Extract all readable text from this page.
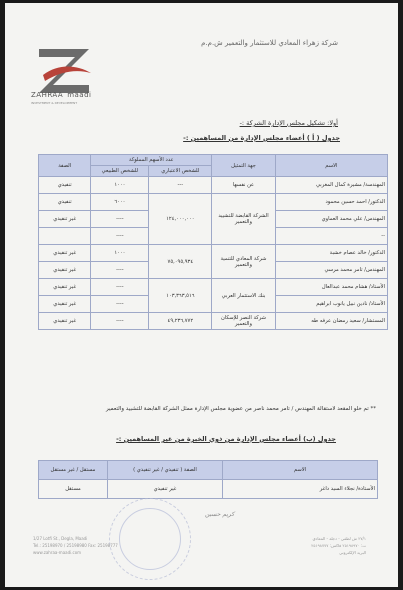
ZAHRAA maadi
INVESTMENT & DEVELOPMENT
شركة زهراء المعادي للاستثمار والتعمير ش.م.م
أولا: تشكيل مجلس الإدارة الشركة :-
جدول ( أ ) أعضاء مجلس الإدارة من المساهمين :-
الاسم	جهة التمثيل	عدد الأسهم المملوكة		الصفة
		للشخص الاعتباري	للشخص الطبيعي	
المهندسة/ مشيرة كمال المغربي	عن نفسها	---	١٠٠٠	تنفيذي
الدكتور/ احمد حسين محمود	الشركة القابضة للتشييد والتعمير	١٢٤,٠٠٠,٠٠٠	٦٠٠٠	تنفيذي
المهندس/ علي محمد العماوي			----	غير تنفيذي
--			----	
الدكتور/ خالد عصام خشبة	شركة المعادي للتنمية والتعمير	٧٥,٠٩٥,٩٣٤	١٠٠٠	غير تنفيذي
المهندس/ تامر محمد مرسي			----	غير تنفيذي
الأستاذ/ هشام محمد عبدالعال	بنك الاستثمار العربي	١٠٣,٣٦٣,٥١٦	----	غير تنفيذي
الأستاذ/ نادين نبيل يانوب ابراهيم			----	غير تنفيذي
المستشار/ سعيد رمضان عرفه طه	شركة النصر للإسكان والتعمير	٤٩,٢٣٦,٧٧٢	----	غير تنفيذي
** تم خلو المقعد لاستقالة المهندس / تامر محمد ناصر من عضوية مجلس الإدارة ممثل الشركة القابضة للتشييد والتعمير
جدول (ب) أعضاء مجلس الإدارة من ذوي الخبرة من غير المساهمين :-
الاسم	الصفة ( تنفيذي / غير تنفيذي )	مستقل / غير مستقل
الأستاذة/ نجلاء السيد داغر	غير تنفيذي	مستقل
كريم حسين
1/27 Lotfi St., Degla, Maadi
Tel.: 25198970 / 25198980 Fax: 25198777
www.zahraa-maadi.com
٢٧/١ ش لطفي - دجلة - المعادي
ت: ٢٥١٩٨٩٧٠ فاكس: ٢٥١٩٨٧٧٧
البريد الإلكتروني
